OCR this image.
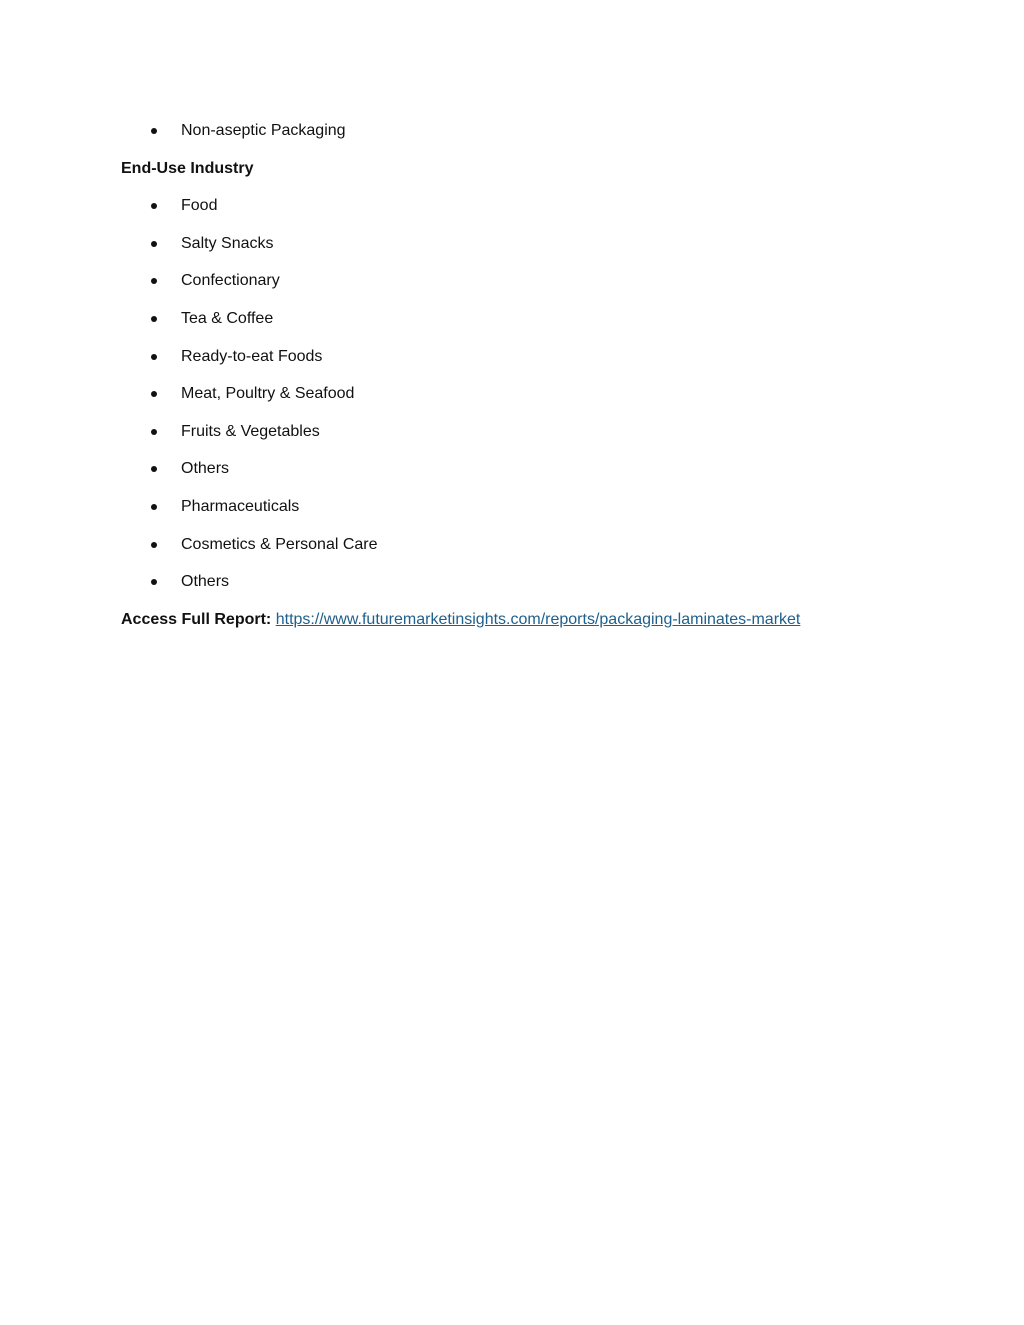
Non-aseptic Packaging
End-Use Industry
Food
Salty Snacks
Confectionary
Tea & Coffee
Ready-to-eat Foods
Meat, Poultry & Seafood
Fruits & Vegetables
Others
Pharmaceuticals
Cosmetics & Personal Care
Others
Access Full Report: https://www.futuremarketinsights.com/reports/packaging-laminates-market
